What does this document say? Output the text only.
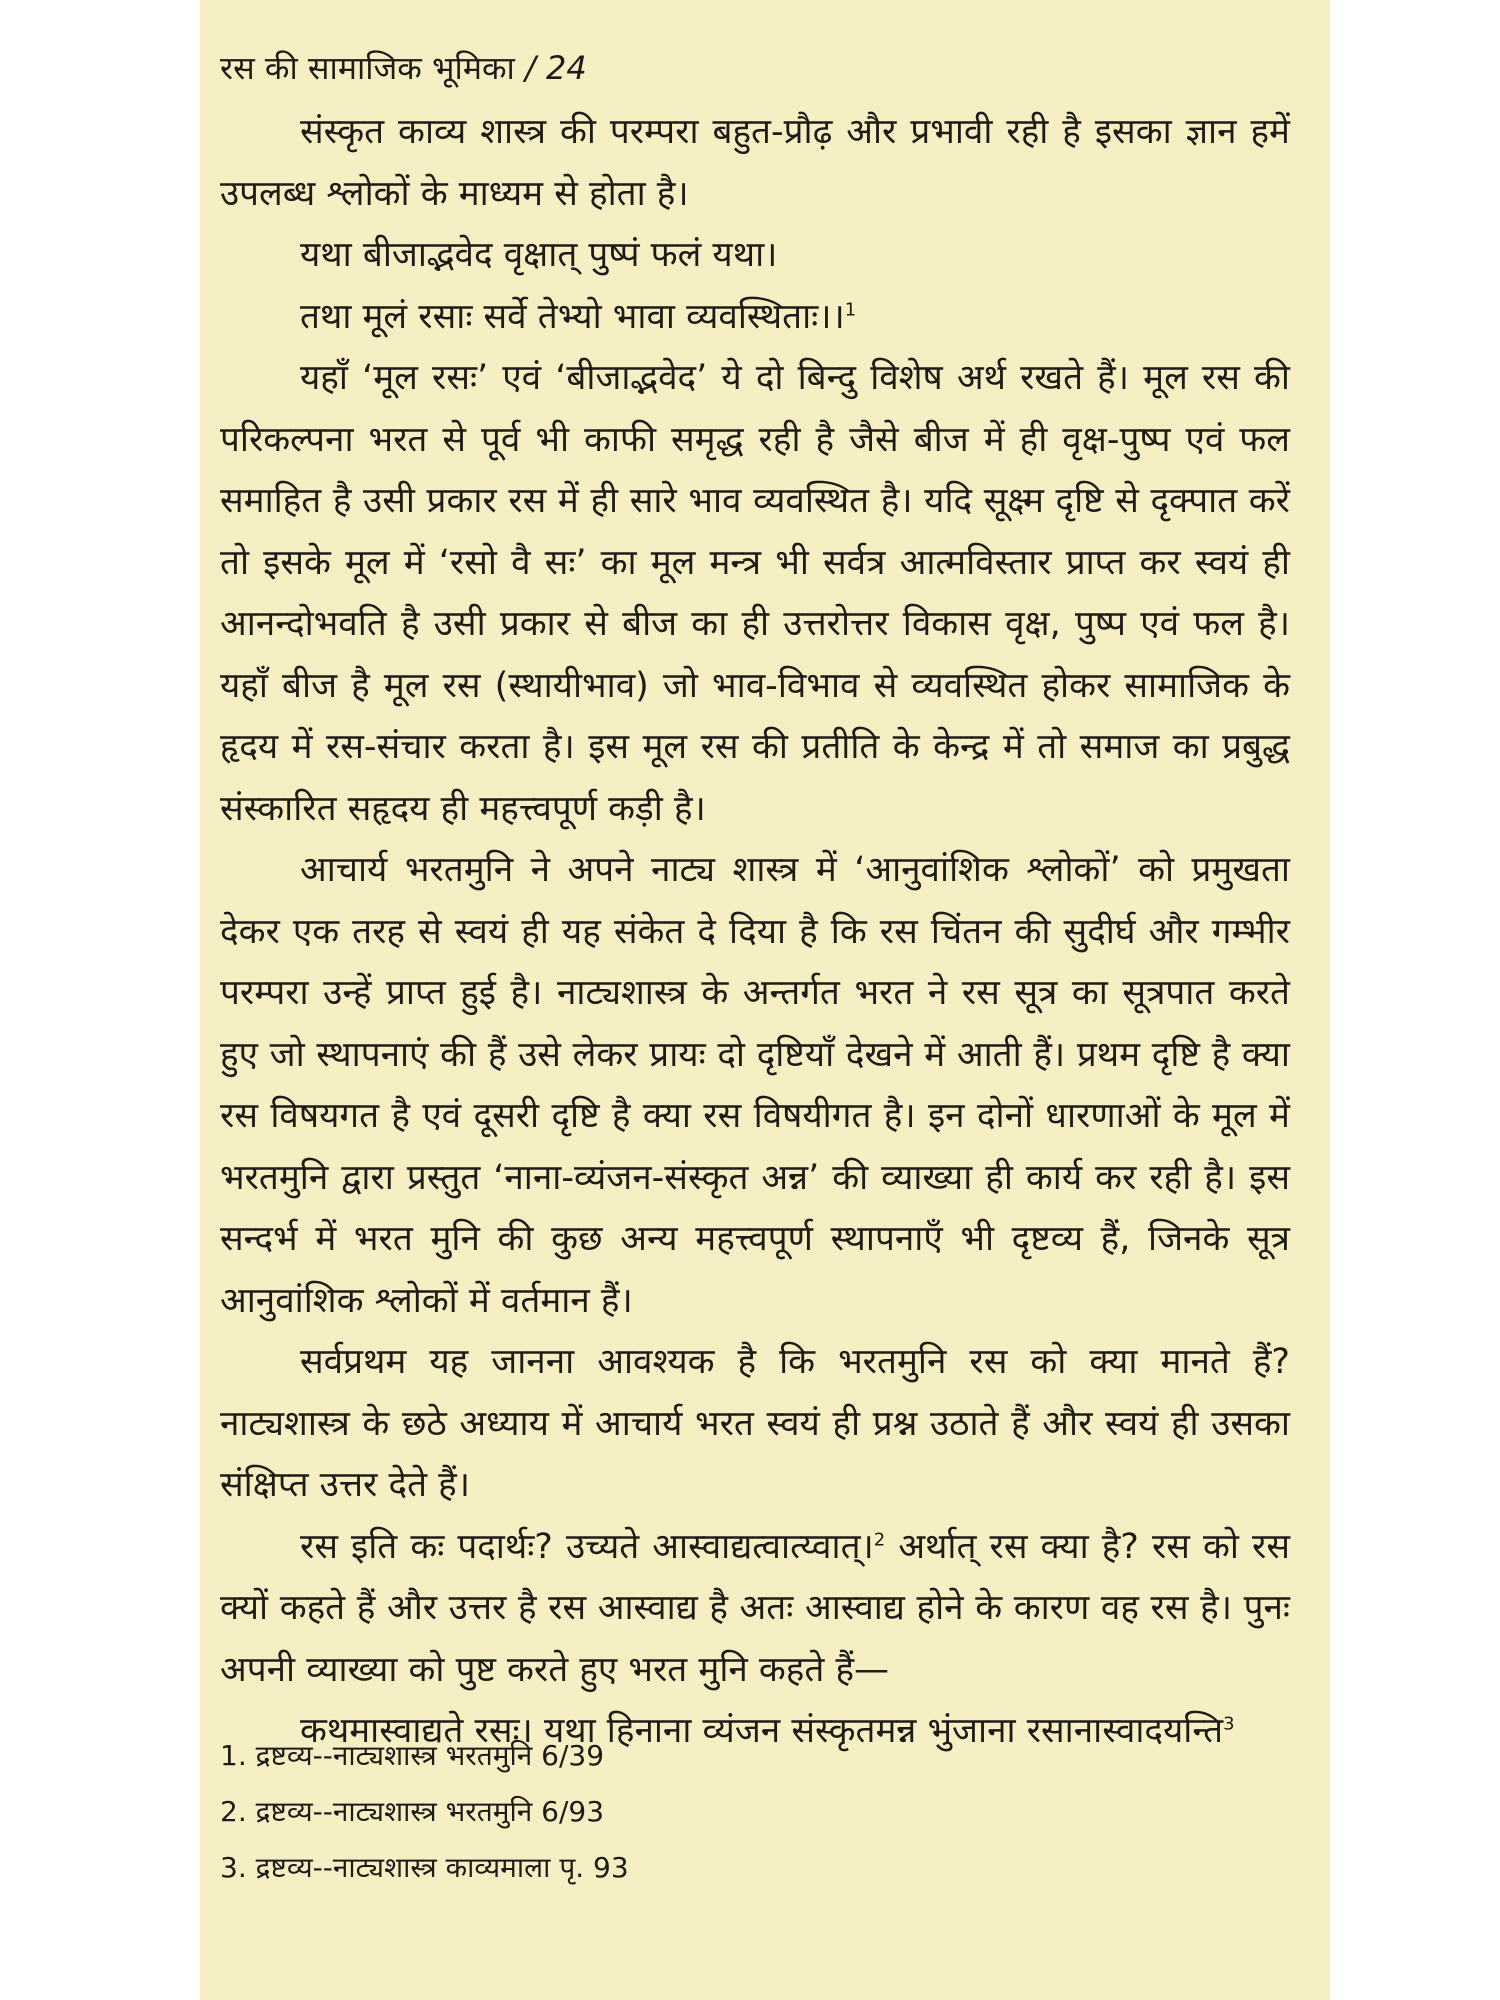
रस की सामाजिक भूमिका / 24

संस्कृत काव्य शास्त्र की परम्परा बहुत-प्रौढ़ और प्रभावी रही है इसका ज्ञान हमें उपलब्ध श्लोकों के माध्यम से होता है।

यथा बीजाद्भवेद वृक्षात् पुष्पं फलं यथा।

तथा मूलं रसाः सर्वे तेभ्यो भावा व्यवस्थिताः।।$^1$

यहाँ ‘मूल रसः’ एवं ‘बीजाद्भवेद’ ये दो बिन्दु विशेष अर्थ रखते हैं। मूल रस की परिकल्पना भरत से पूर्व भी काफी समृद्ध रही है जैसे बीज में ही वृक्ष-पुष्प एवं फल समाहित है उसी प्रकार रस में ही सारे भाव व्यवस्थित है। यदि सूक्ष्म दृष्टि से दृक्पात करें तो इसके मूल में ‘रसो वै सः’ का मूल मन्त्र भी सर्वत्र आत्मविस्तार प्राप्त कर स्वयं ही आनन्दोभवति है उसी प्रकार से बीज का ही उत्तरोत्तर विकास वृक्ष, पुष्प एवं फल है। यहाँ बीज है मूल रस (स्थायीभाव) जो भाव-विभाव से व्यवस्थित होकर सामाजिक के हृदय में रस-संचार करता है। इस मूल रस की प्रतीति के केन्द्र में तो समाज का प्रबुद्ध संस्कारित सहृदय ही महत्त्वपूर्ण कड़ी है।

आचार्य भरतमुनि ने अपने नाट्य शास्त्र में ‘आनुवांशिक श्लोकों’ को प्रमुखता देकर एक तरह से स्वयं ही यह संकेत दे दिया है कि रस चिंतन की सुदीर्घ और गम्भीर परम्परा उन्हें प्राप्त हुई है। नाट्यशास्त्र के अन्तर्गत भरत ने रस सूत्र का सूत्रपात करते हुए जो स्थापनाएं की हैं उसे लेकर प्रायः दो दृष्टियाँ देखने में आती हैं। प्रथम दृष्टि है क्या रस विषयगत है एवं दूसरी दृष्टि है क्या रस विषयीगत है। इन दोनों धारणाओं के मूल में भरतमुनि द्वारा प्रस्तुत ‘नाना-व्यंजन-संस्कृत अन्न’ की व्याख्या ही कार्य कर रही है। इस सन्दर्भ में भरत मुनि की कुछ अन्य महत्त्वपूर्ण स्थापनाएँ भी दृष्टव्य हैं, जिनके सूत्र आनुवांशिक श्लोकों में वर्तमान हैं।

सर्वप्रथम यह जानना आवश्यक है कि भरतमुनि रस को क्या मानते हैं? नाट्यशास्त्र के छठे अध्याय में आचार्य भरत स्वयं ही प्रश्न उठाते हैं और स्वयं ही उसका संक्षिप्त उत्तर देते हैं।

रस इति कः पदार्थः? उच्यते आस्वाद्यत्वात्य्वात्।$^2$ अर्थात् रस क्या है? रस को रस क्यों कहते हैं और उत्तर है रस आस्वाद्य है अतः आस्वाद्य होने के कारण वह रस है। पुनः अपनी व्याख्या को पुष्ट करते हुए भरत मुनि कहते हैं—

कथमास्वाद्यते रसः। यथा हिनाना व्यंजन संस्कृतमन्न भुंजाना रसानास्वादयन्ति$^3$

1. द्रष्टव्य--नाट्यशास्त्र भरतमुनि 6/39
2. द्रष्टव्य--नाट्यशास्त्र भरतमुनि 6/93
3. द्रष्टव्य--नाट्यशास्त्र काव्यमाला पृ. 93
